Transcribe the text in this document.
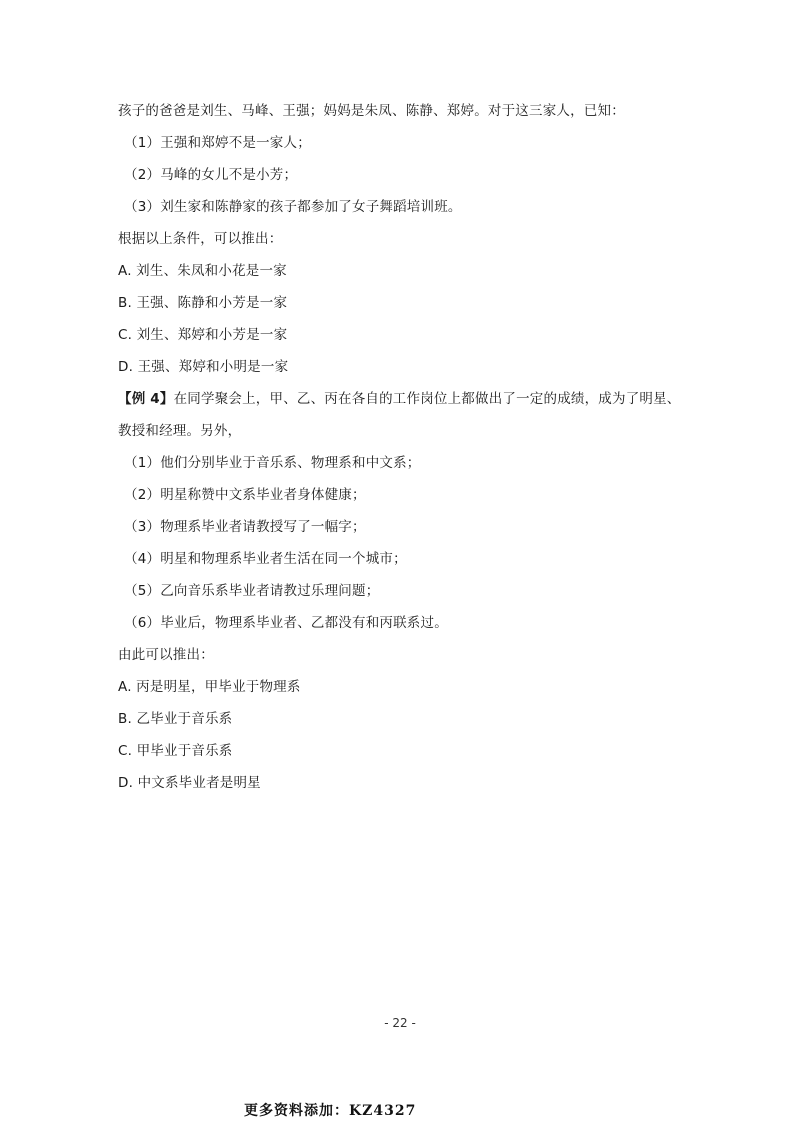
孩子的爸爸是刘生、马峰、王强；妈妈是朱凤、陈静、郑婷。对于这三家人，已知：
（1）王强和郑婷不是一家人；
（2）马峰的女儿不是小芳；
（3）刘生家和陈静家的孩子都参加了女子舞蹈培训班。
根据以上条件，可以推出：
A. 刘生、朱凤和小花是一家
B. 王强、陈静和小芳是一家
C. 刘生、郑婷和小芳是一家
D. 王强、郑婷和小明是一家
【例 4】在同学聚会上，甲、乙、丙在各自的工作岗位上都做出了一定的成绩，成为了明星、
教授和经理。另外，
（1）他们分别毕业于音乐系、物理系和中文系；
（2）明星称赞中文系毕业者身体健康；
（3）物理系毕业者请教授写了一幅字；
（4）明星和物理系毕业者生活在同一个城市；
（5）乙向音乐系毕业者请教过乐理问题；
（6）毕业后，物理系毕业者、乙都没有和丙联系过。
由此可以推出：
A. 丙是明星，甲毕业于物理系
B. 乙毕业于音乐系
C. 甲毕业于音乐系
D. 中文系毕业者是明星
- 22 -
更多资料添加：KZ4327
